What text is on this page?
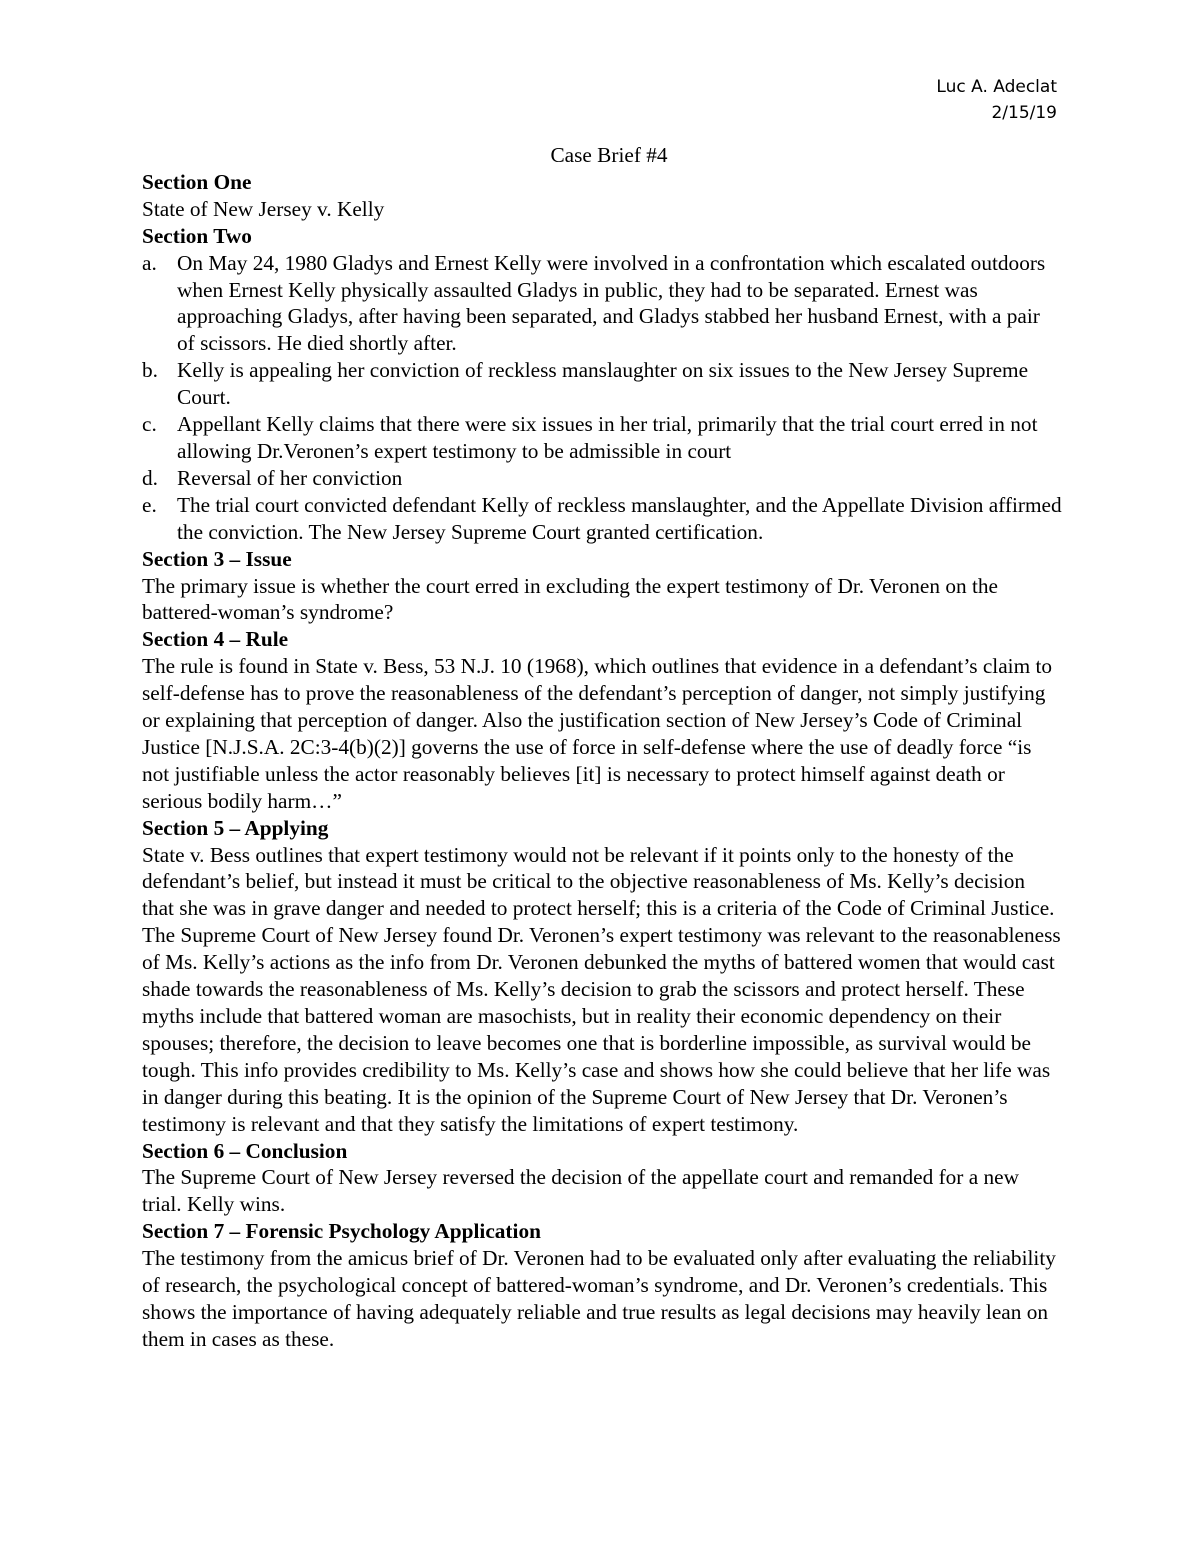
Luc A. Adeclat
2/15/19

Case Brief #4

Section One

State of New Jersey v. Kelly

Section Two

a. On May 24, 1980 Gladys and Ernest Kelly were involved in a confrontation which escalated outdoors when Ernest Kelly physically assaulted Gladys in public, they had to be separated. Ernest was approaching Gladys, after having been separated, and Gladys stabbed her husband Ernest, with a pair of scissors. He died shortly after.
b. Kelly is appealing her conviction of reckless manslaughter on six issues to the New Jersey Supreme Court.
c. Appellant Kelly claims that there were six issues in her trial, primarily that the trial court erred in not allowing Dr.Veronen’s expert testimony to be admissible in court
d. Reversal of her conviction
e. The trial court convicted defendant Kelly of reckless manslaughter, and the Appellate Division affirmed the conviction. The New Jersey Supreme Court granted certification.

Section 3 – Issue

The primary issue is whether the court erred in excluding the expert testimony of Dr. Veronen on the battered-woman’s syndrome?

Section 4 – Rule

The rule is found in State v. Bess, 53 N.J. 10 (1968), which outlines that evidence in a defendant’s claim to self-defense has to prove the reasonableness of the defendant’s perception of danger, not simply justifying or explaining that perception of danger. Also the justification section of New Jersey’s Code of Criminal Justice [N.J.S.A. 2C:3-4(b)(2)] governs the use of force in self-defense where the use of deadly force “is not justifiable unless the actor reasonably believes [it] is necessary to protect himself against death or serious bodily harm…”

Section 5 – Applying

State v. Bess outlines that expert testimony would not be relevant if it points only to the honesty of the defendant’s belief, but instead it must be critical to the objective reasonableness of Ms. Kelly’s decision that she was in grave danger and needed to protect herself; this is a criteria of the Code of Criminal Justice. The Supreme Court of New Jersey found Dr. Veronen’s expert testimony was relevant to the reasonableness of Ms. Kelly’s actions as the info from Dr. Veronen debunked the myths of battered women that would cast shade towards the reasonableness of Ms. Kelly’s decision to grab the scissors and protect herself. These myths include that battered woman are masochists, but in reality their economic dependency on their spouses; therefore, the decision to leave becomes one that is borderline impossible, as survival would be tough. This info provides credibility to Ms. Kelly’s case and shows how she could believe that her life was in danger during this beating. It is the opinion of the Supreme Court of New Jersey that Dr. Veronen’s testimony is relevant and that they satisfy the limitations of expert testimony.

Section 6 – Conclusion

The Supreme Court of New Jersey reversed the decision of the appellate court and remanded for a new trial. Kelly wins.

Section 7 – Forensic Psychology Application

The testimony from the amicus brief of Dr. Veronen had to be evaluated only after evaluating the reliability of research, the psychological concept of battered-woman’s syndrome, and Dr. Veronen’s credentials. This shows the importance of having adequately reliable and true results as legal decisions may heavily lean on them in cases as these.
